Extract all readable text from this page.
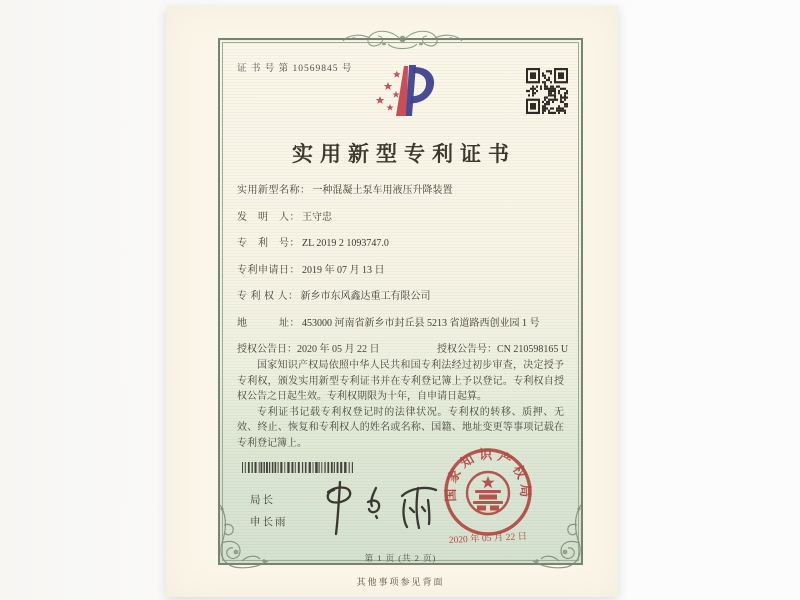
证 书 号 第 10569845 号
实用新型专利证书
实用新型名称： 一种混凝土泵车用液压升降装置
发　明　人： 王守忠
专　利　号： ZL 2019 2 1093747.0
专利申请日： 2019 年 07 月 13 日
专 利 权 人： 新乡市东风鑫达重工有限公司
地　　　址： 453000 河南省新乡市封丘县 5213 省道路西创业园 1 号
授权公告日：2020 年 05 月 22 日	授权公告号：CN 210598165 U

国家知识产权局依照中华人民共和国专利法经过初步审查，决定授予专利权，颁发实用新型专利证书并在专利登记簿上予以登记。专利权自授权公告之日起生效。专利权期限为十年，自申请日起算。

专利证书记载专利权登记时的法律状况。专利权的转移、质押、无效、终止、恢复和专利权人的姓名或名称、国籍、地址变更等事项记载在专利登记簿上。

局长
申长雨
国家知识产权局
2020 年 05 月 22 日
第 1 页 (共 2 页)
其他事项参见背面
